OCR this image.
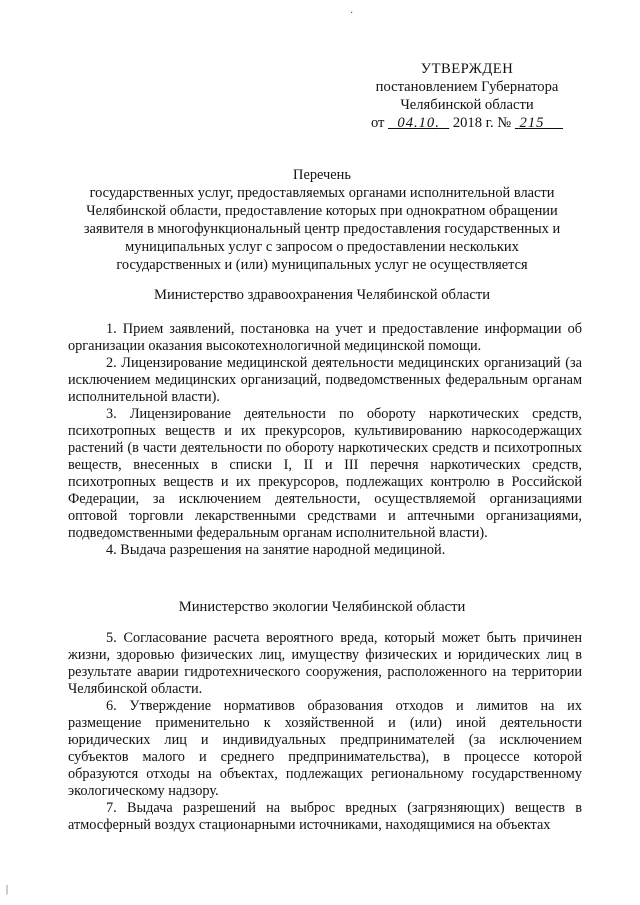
·
УТВЕРЖДЕН
постановлением Губернатора
Челябинской области
от 04.10. 2018 г. № 215
Перечень
государственных услуг, предоставляемых органами исполнительной власти
Челябинской области, предоставление которых при однократном обращении
заявителя в многофункциональный центр предоставления государственных и
муниципальных услуг с запросом о предоставлении нескольких
государственных и (или) муниципальных услуг не осуществляется
Министерство здравоохранения Челябинской области

1. Прием заявлений, постановка на учет и предоставление информации об организации оказания высокотехнологичной медицинской помощи.

2. Лицензирование медицинской деятельности медицинских организаций (за исключением медицинских организаций, подведомственных федеральным органам исполнительной власти).

3. Лицензирование деятельности по обороту наркотических средств, психотропных веществ и их прекурсоров, культивированию наркосодержащих растений (в части деятельности по обороту наркотических средств и психотропных веществ, внесенных в списки I, II и III перечня наркотических средств, психотропных веществ и их прекурсоров, подлежащих контролю в Российской Федерации, за исключением деятельности, осуществляемой организациями оптовой торговли лекарственными средствами и аптечными организациями, подведомственными федеральным органам исполнительной власти).

4. Выдача разрешения на занятие народной медициной.

Министерство экологии Челябинской области

5. Согласование расчета вероятного вреда, который может быть причинен жизни, здоровью физических лиц, имуществу физических и юридических лиц в результате аварии гидротехнического сооружения, расположенного на территории Челябинской области.

6. Утверждение нормативов образования отходов и лимитов на их размещение применительно к хозяйственной и (или) иной деятельности юридических лиц и индивидуальных предпринимателей (за исключением субъектов малого и среднего предпринимательства), в процессе которой образуются отходы на объектах, подлежащих региональному государственному экологическому надзору.

7. Выдача разрешений на выброс вредных (загрязняющих) веществ в атмосферный воздух стационарными источниками, находящимися на объектах

|
